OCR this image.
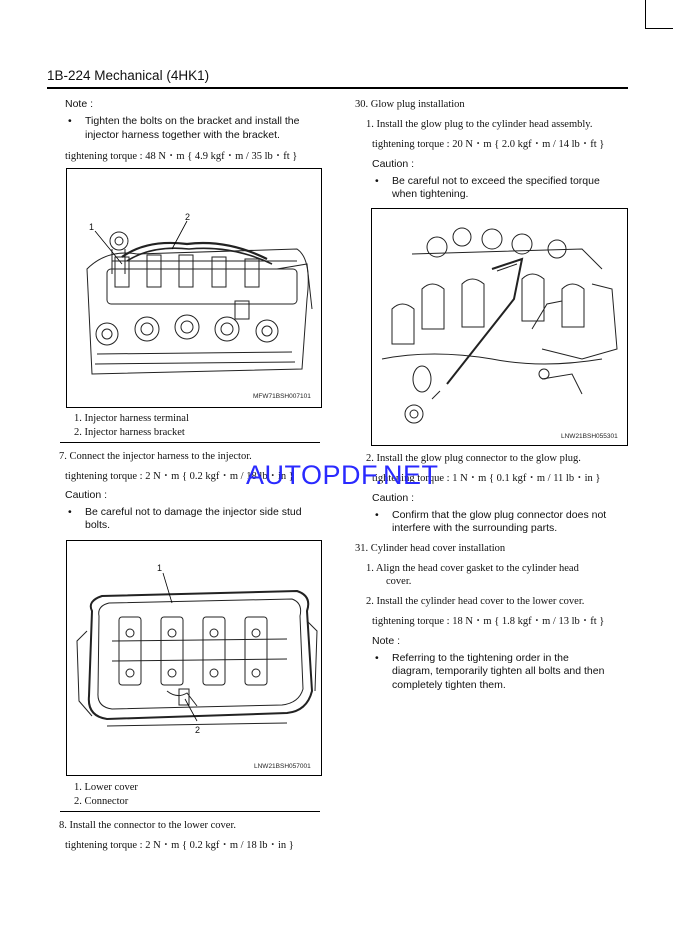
1B-224 Mechanical (4HK1)
Note :
• Tighten the bolts on the bracket and install the
injector harness together with the bracket.
tightening torque : 48 N・m { 4.9 kgf・m / 35 lb・ft }
1
2
MFW71BSH007101
1. Injector harness terminal
2. Injector harness bracket
7. Connect the injector harness to the injector.
tightening torque : 2 N・m { 0.2 kgf・m / 18 lb・in }
Caution :
• Be careful not to damage the injector side stud
bolts.
1
2
LNW21BSH057001
1. Lower cover
2. Connector
8. Install the connector to the lower cover.
tightening torque : 2 N・m { 0.2 kgf・m / 18 lb・in }
30. Glow plug installation
1. Install the glow plug to the cylinder head assembly.
tightening torque : 20 N・m { 2.0 kgf・m / 14 lb・ft }
Caution :
• Be careful not to exceed the specified torque
when tightening.
LNW21BSH055301
2. Install the glow plug connector to the glow plug.
tightening torque : 1 N・m { 0.1 kgf・m / 11 lb・in }
Caution :
• Confirm that the glow plug connector does not
interfere with the surrounding parts.
31. Cylinder head cover installation
1. Align the head cover gasket to the cylinder head
cover.
2. Install the cylinder head cover to the lower cover.
tightening torque : 18 N・m { 1.8 kgf・m / 13 lb・ft }
Note :
• Referring to the tightening order in the
diagram, temporarily tighten all bolts and then
completely tighten them.
AUTOPDF.NET
